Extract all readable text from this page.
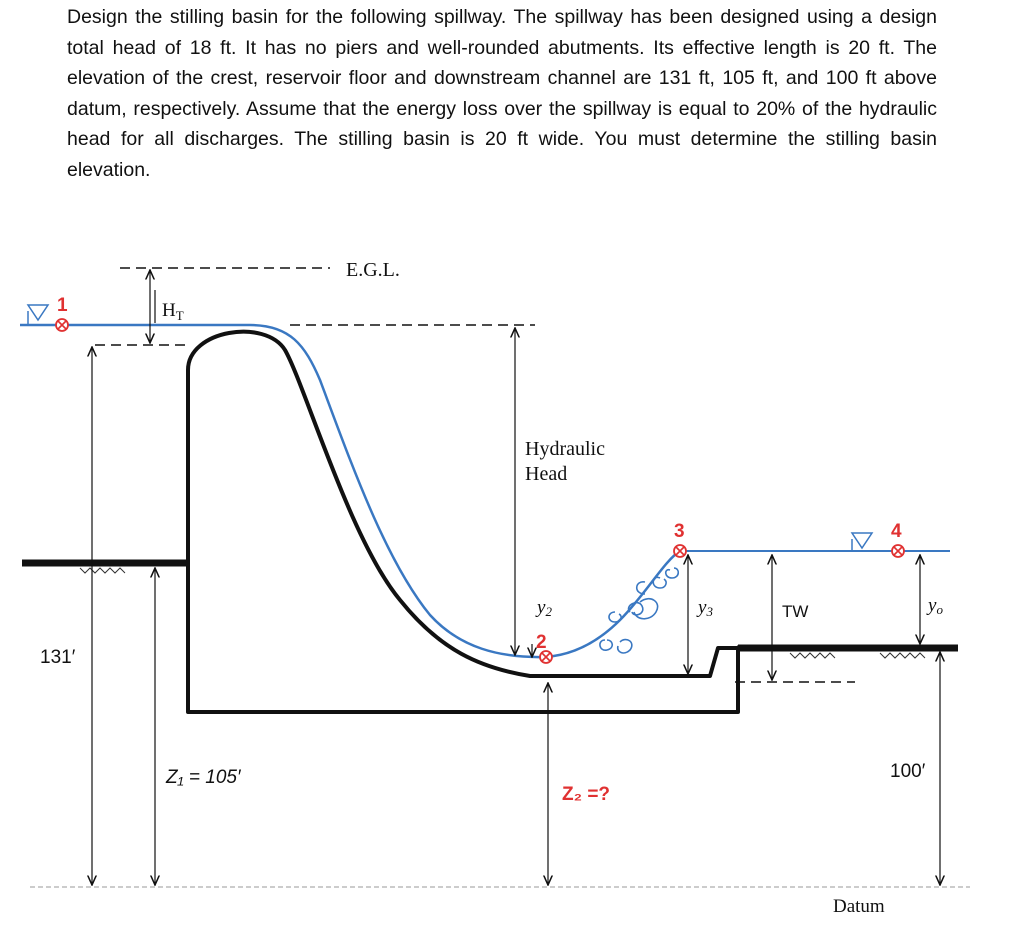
Design the stilling basin for the following spillway. The spillway has been designed using a design total head of 18 ft. It has no piers and well-rounded abutments. Its effective length is 20 ft. The elevation of the crest, reservoir floor and downstream channel are 131 ft, 105 ft, and 100 ft above datum, respectively. Assume that the energy loss over the spillway is equal to 20% of the hydraulic head for all discharges. The stilling basin is 20 ft wide. You must determine the stilling basin elevation.

1
2
3	4
E.G.L.
$H_T$
Hydraulic
Head
y2	y3	TW	yo
131′
Z₁ = 105′
Z₂ =?
100′
Datum
